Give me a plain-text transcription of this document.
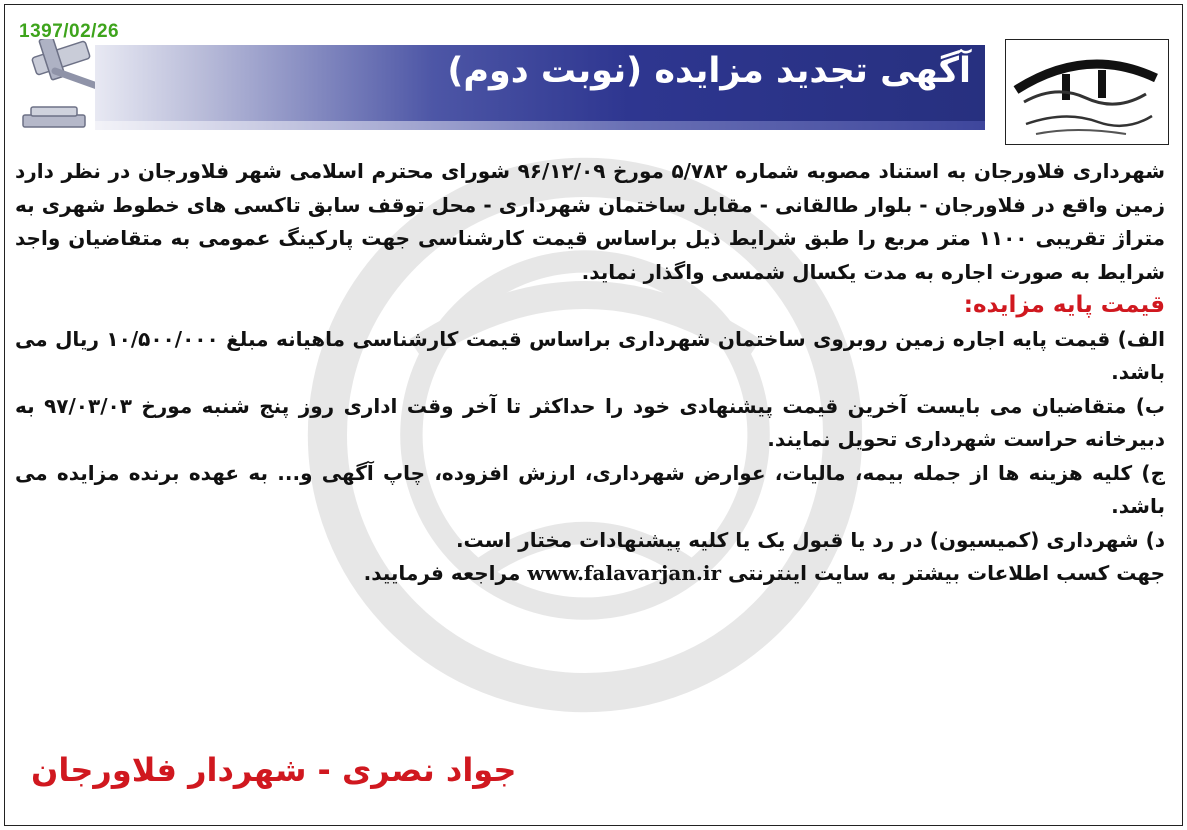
1397/02/26
آگهی تجدید مزایده (نوبت دوم)

شهرداری فلاورجان به استناد مصوبه شماره ۵/۷۸۲ مورخ ۹۶/۱۲/۰۹ شورای محترم اسلامی شهر فلاورجان در نظر دارد زمین واقع در فلاورجان - بلوار طالقانی - مقابل ساختمان شهرداری - محل توقف سابق تاکسی های خطوط شهری به متراژ تقریبی ۱۱۰۰ متر مربع را طبق شرایط ذیل براساس قیمت کارشناسی جهت پارکینگ عمومی به متقاضیان واجد شرایط به صورت اجاره به مدت یکسال شمسی واگذار نماید.

قیمت پایه مزایده:

الف) قیمت پایه اجاره زمین روبروی ساختمان شهرداری براساس قیمت کارشناسی ماهیانه مبلغ ۱۰/۵۰۰/۰۰۰ ریال می باشد.

ب) متقاضیان می بایست آخرین قیمت پیشنهادی خود را حداکثر تا آخر وقت اداری روز پنج شنبه مورخ ۹۷/۰۳/۰۳ به دبیرخانه حراست شهرداری تحویل نمایند.

ج) کلیه هزینه ها از جمله بیمه، مالیات، عوارض شهرداری، ارزش افزوده، چاپ آگهی و... به عهده برنده مزایده می باشد.

د) شهرداری (کمیسیون) در رد یا قبول یک یا کلیه پیشنهادات مختار است.

جهت کسب اطلاعات بیشتر به سایت اینترنتی www.falavarjan.ir مراجعه فرمایید.

جواد نصری - شهردار فلاورجان
